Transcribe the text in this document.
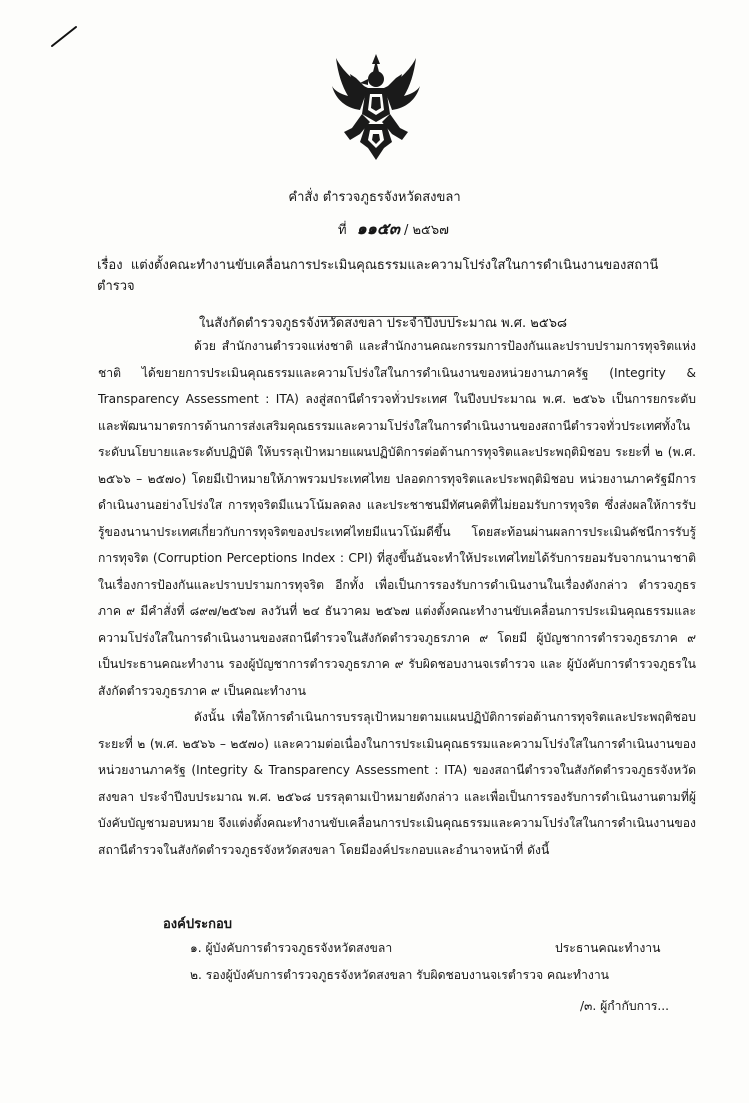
คำสั่ง ตำรวจภูธรจังหวัดสงขลา
ที่ ๑๑๕๓ / ๒๕๖๗
เรื่อง แต่งตั้งคณะทำงานขับเคลื่อนการประเมินคุณธรรมและความโปร่งใสในการดำเนินงานของสถานีตำรวจ
ในสังกัดตำรวจภูธรจังหวัดสงขลา ประจำปีงบประมาณ พ.ศ. ๒๕๖๘

ด้วย สำนักงานตำรวจแห่งชาติ และสำนักงานคณะกรรมการป้องกันและปราบปรามการทุจริตแห่งชาติ ได้ขยายการประเมินคุณธรรมและความโปร่งใสในการดำเนินงานของหน่วยงานภาครัฐ (Integrity & Transparency Assessment : ITA) ลงสู่สถานีตำรวจทั่วประเทศ ในปีงบประมาณ พ.ศ. ๒๕๖๖ เป็นการยกระดับและพัฒนามาตรการด้านการส่งเสริมคุณธรรมและความโปร่งใสในการดำเนินงานของสถานีตำรวจทั่วประเทศทั้งในระดับนโยบายและระดับปฏิบัติ ให้บรรลุเป้าหมายแผนปฏิบัติการต่อต้านการทุจริตและประพฤติมิชอบ ระยะที่ ๒ (พ.ศ. ๒๕๖๖ – ๒๕๗๐) โดยมีเป้าหมายให้ภาพรวมประเทศไทย ปลอดการทุจริตและประพฤติมิชอบ หน่วยงานภาครัฐมีการดำเนินงานอย่างโปร่งใส การทุจริตมีแนวโน้มลดลง และประชาชนมีทัศนคติที่ไม่ยอมรับการทุจริต ซึ่งส่งผลให้การรับรู้ของนานาประเทศเกี่ยวกับการทุจริตของประเทศไทยมีแนวโน้มดีขึ้น โดยสะท้อนผ่านผลการประเมินดัชนีการรับรู้การทุจริต (Corruption Perceptions Index : CPI) ที่สูงขึ้นอันจะทำให้ประเทศไทยได้รับการยอมรับจากนานาชาติในเรื่องการป้องกันและปราบปรามการทุจริต อีกทั้ง เพื่อเป็นการรองรับการดำเนินงานในเรื่องดังกล่าว ตำรวจภูธรภาค ๙ มีคำสั่งที่ ๘๙๗/๒๕๖๗ ลงวันที่ ๒๔ ธันวาคม ๒๕๖๗ แต่งตั้งคณะทำงานขับเคลื่อนการประเมินคุณธรรมและความโปร่งใสในการดำเนินงานของสถานีตำรวจในสังกัดตำรวจภูธรภาค ๙ โดยมี ผู้บัญชาการตำรวจภูธรภาค ๙ เป็นประธานคณะทำงาน รองผู้บัญชาการตำรวจภูธรภาค ๙ รับผิดชอบงานจเรตำรวจ และ ผู้บังคับการตำรวจภูธรในสังกัดตำรวจภูธรภาค ๙ เป็นคณะทำงาน

ดังนั้น เพื่อให้การดำเนินการบรรลุเป้าหมายตามแผนปฏิบัติการต่อต้านการทุจริตและประพฤติชอบ ระยะที่ ๒ (พ.ศ. ๒๕๖๖ – ๒๕๗๐) และความต่อเนื่องในการประเมินคุณธรรมและความโปร่งใสในการดำเนินงานของหน่วยงานภาครัฐ (Integrity & Transparency Assessment : ITA) ของสถานีตำรวจในสังกัดตำรวจภูธรจังหวัดสงขลา ประจำปีงบประมาณ พ.ศ. ๒๕๖๘ บรรลุตามเป้าหมายดังกล่าว และเพื่อเป็นการรองรับการดำเนินงานตามที่ผู้บังคับบัญชามอบหมาย จึงแต่งตั้งคณะทำงานขับเคลื่อนการประเมินคุณธรรมและความโปร่งใสในการดำเนินงานของสถานีตำรวจในสังกัดตำรวจภูธรจังหวัดสงขลา โดยมีองค์ประกอบและอำนาจหน้าที่ ดังนี้

องค์ประกอบ
๑. ผู้บังคับการตำรวจภูธรจังหวัดสงขลา	ประธานคณะทำงาน
๒. รองผู้บังคับการตำรวจภูธรจังหวัดสงขลา รับผิดชอบงานจเรตำรวจ คณะทำงาน
/๓. ผู้กำกับการ...
